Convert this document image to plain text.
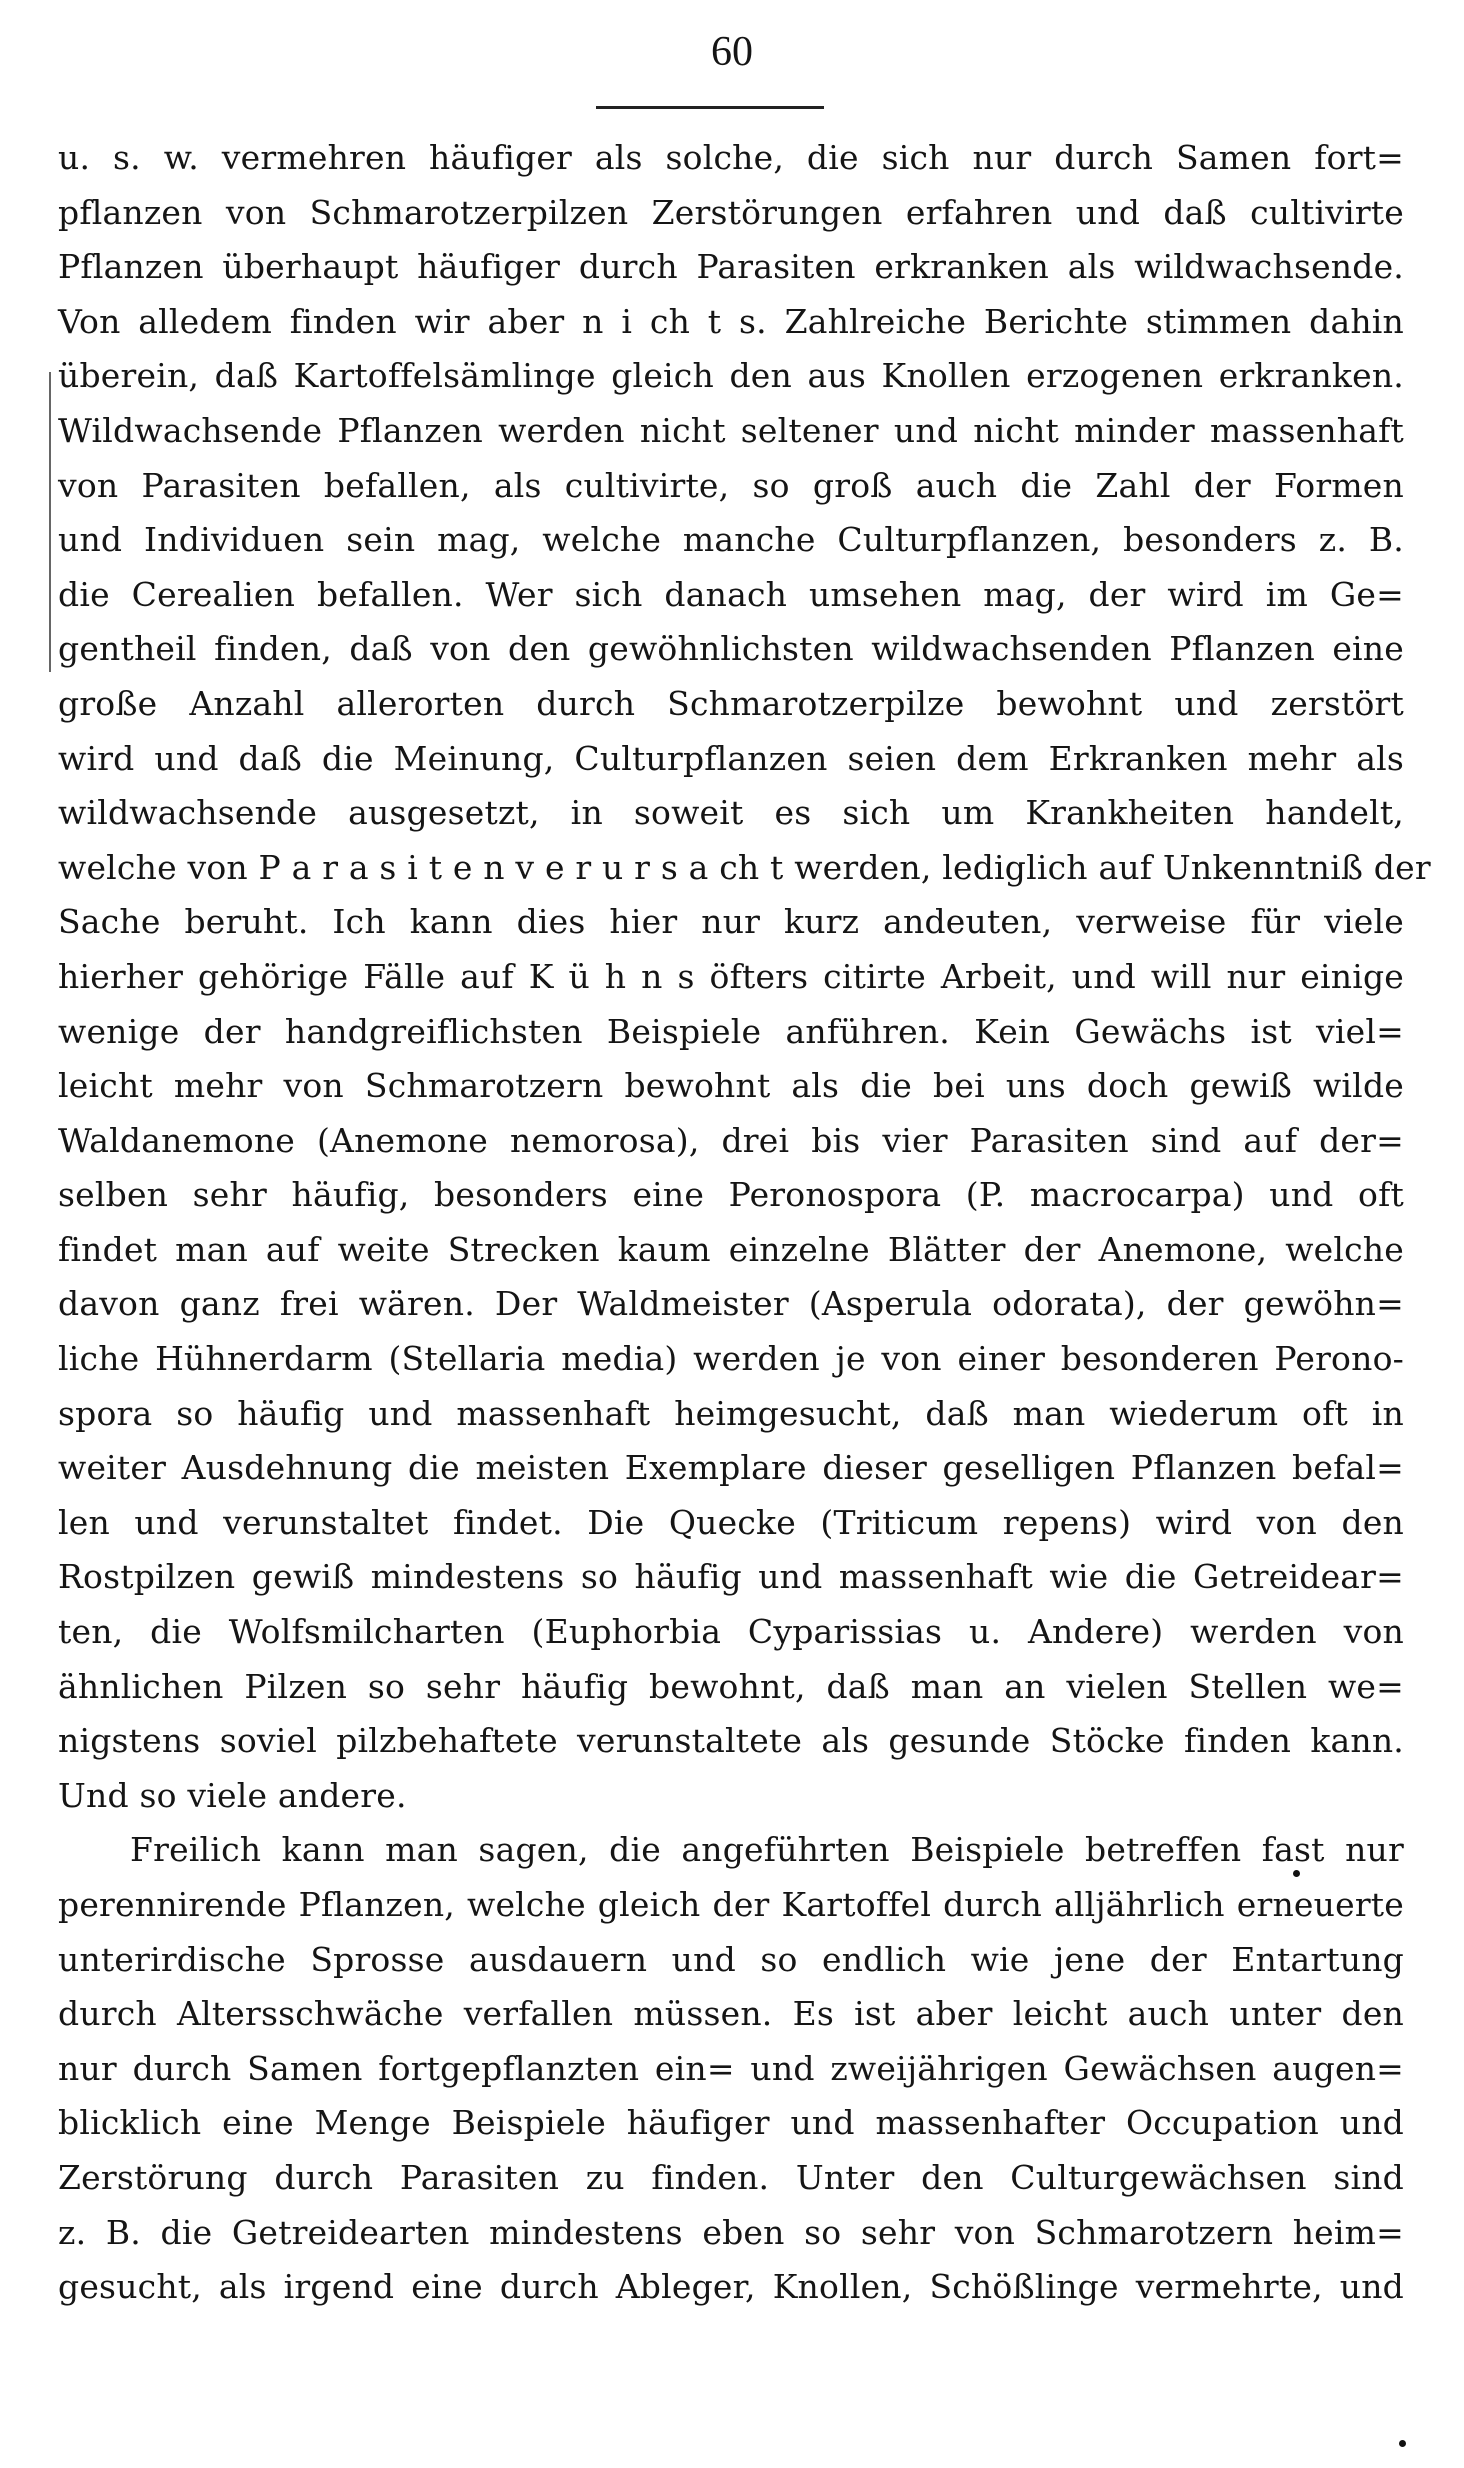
60
u. s. w. vermehren häufiger als solche, die sich nur durch Samen fort=
pflanzen von Schmarotzerpilzen Zerstörungen erfahren und daß cultivirte
Pflanzen überhaupt häufiger durch Parasiten erkranken als wildwachsende.
Von alledem finden wir aber n i ch t s. Zahlreiche Berichte stimmen dahin
überein, daß Kartoffelsämlinge gleich den aus Knollen erzogenen erkranken.
Wildwachsende Pflanzen werden nicht seltener und nicht minder massenhaft
von Parasiten befallen, als cultivirte, so groß auch die Zahl der Formen
und Individuen sein mag, welche manche Culturpflanzen, besonders z. B.
die Cerealien befallen. Wer sich danach umsehen mag, der wird im Ge=
gentheil finden, daß von den gewöhnlichsten wildwachsenden Pflanzen eine
große Anzahl allerorten durch Schmarotzerpilze bewohnt und zerstört
wird und daß die Meinung, Culturpflanzen seien dem Erkranken mehr als
wildwachsende ausgesetzt, in soweit es sich um Krankheiten handelt,
welche von P a r a s i t e n v e r u r s a ch t werden, lediglich auf Unkenntniß der
Sache beruht. Ich kann dies hier nur kurz andeuten, verweise für viele
hierher gehörige Fälle auf K ü h n s öfters citirte Arbeit, und will nur einige
wenige der handgreiflichsten Beispiele anführen. Kein Gewächs ist viel=
leicht mehr von Schmarotzern bewohnt als die bei uns doch gewiß wilde
Waldanemone (Anemone nemorosa), drei bis vier Parasiten sind auf der=
selben sehr häufig, besonders eine Peronospora (P. macrocarpa) und oft
findet man auf weite Strecken kaum einzelne Blätter der Anemone, welche
davon ganz frei wären. Der Waldmeister (Asperula odorata), der gewöhn=
liche Hühnerdarm (Stellaria media) werden je von einer besonderen Perono-
spora so häufig und massenhaft heimgesucht, daß man wiederum oft in
weiter Ausdehnung die meisten Exemplare dieser geselligen Pflanzen befal=
len und verunstaltet findet. Die Quecke (Triticum repens) wird von den
Rostpilzen gewiß mindestens so häufig und massenhaft wie die Getreidear=
ten, die Wolfsmilcharten (Euphorbia Cyparissias u. Andere) werden von
ähnlichen Pilzen so sehr häufig bewohnt, daß man an vielen Stellen we=
nigstens soviel pilzbehaftete verunstaltete als gesunde Stöcke finden kann.
Und so viele andere.
Freilich kann man sagen, die angeführten Beispiele betreffen fast nur
perennirende Pflanzen, welche gleich der Kartoffel durch alljährlich erneuerte
unterirdische Sprosse ausdauern und so endlich wie jene der Entartung
durch Altersschwäche verfallen müssen. Es ist aber leicht auch unter den
nur durch Samen fortgepflanzten ein= und zweijährigen Gewächsen augen=
blicklich eine Menge Beispiele häufiger und massenhafter Occupation und
Zerstörung durch Parasiten zu finden. Unter den Culturgewächsen sind
z. B. die Getreidearten mindestens eben so sehr von Schmarotzern heim=
gesucht, als irgend eine durch Ableger, Knollen, Schößlinge vermehrte, und
